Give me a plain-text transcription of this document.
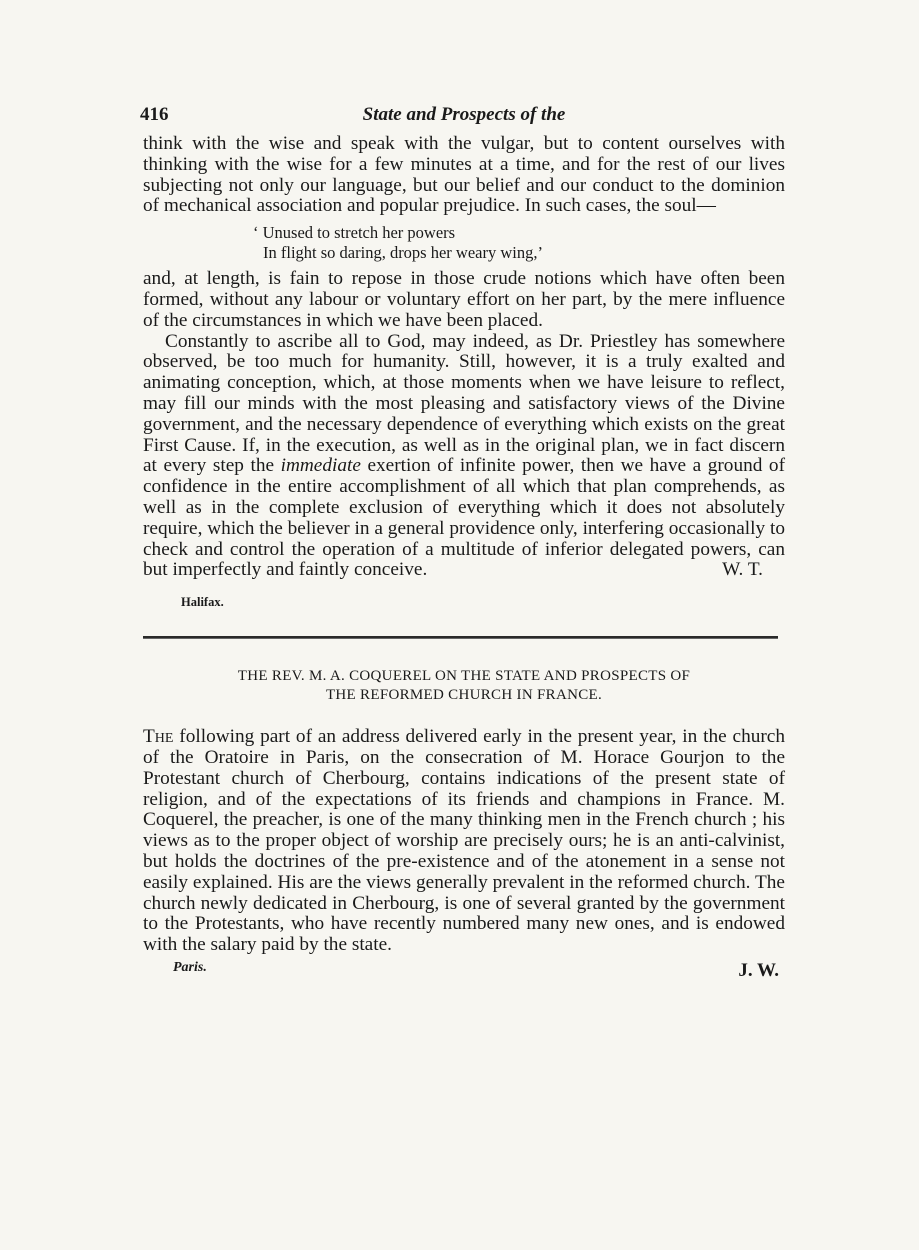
416	State and Prospects of the

think with the wise and speak with the vulgar, but to content ourselves with thinking with the wise for a few minutes at a time, and for the rest of our lives subjecting not only our language, but our belief and our conduct to the dominion of mechanical association and popular prejudice. In such cases, the soul—

‘ Unused to stretch her powers
In flight so daring, drops her weary wing,’

and, at length, is fain to repose in those crude notions which have often been formed, without any labour or voluntary effort on her part, by the mere influence of the circumstances in which we have been placed.

Constantly to ascribe all to God, may indeed, as Dr. Priestley has somewhere observed, be too much for humanity. Still, however, it is a truly exalted and animating conception, which, at those moments when we have leisure to reflect, may fill our minds with the most pleasing and satisfactory views of the Divine government, and the necessary dependence of everything which exists on the great First Cause. If, in the execution, as well as in the original plan, we in fact discern at every step the immediate exertion of infinite power, then we have a ground of confidence in the entire accomplishment of all which that plan comprehends, as well as in the complete exclusion of everything which it does not absolutely require, which the believer in a general providence only, interfering occasionally to check and control the operation of a multitude of inferior delegated powers, can but imperfectly and faintly conceive.	W. T.

Halifax.
THE REV. M. A. COQUEREL ON THE STATE AND PROSPECTS OF
THE REFORMED CHURCH IN FRANCE.

The following part of an address delivered early in the present year, in the church of the Oratoire in Paris, on the consecration of M. Horace Gourjon to the Protestant church of Cherbourg, contains indications of the present state of religion, and of the expectations of its friends and champions in France. M. Coquerel, the preacher, is one of the many thinking men in the French church ; his views as to the proper object of worship are precisely ours; he is an anti-calvinist, but holds the doctrines of the pre-existence and of the atonement in a sense not easily explained. His are the views generally prevalent in the reformed church. The church newly dedicated in Cherbourg, is one of several granted by the government to the Protestants, who have recently numbered many new ones, and is endowed with the salary paid by the state.

Paris.	J. W.
